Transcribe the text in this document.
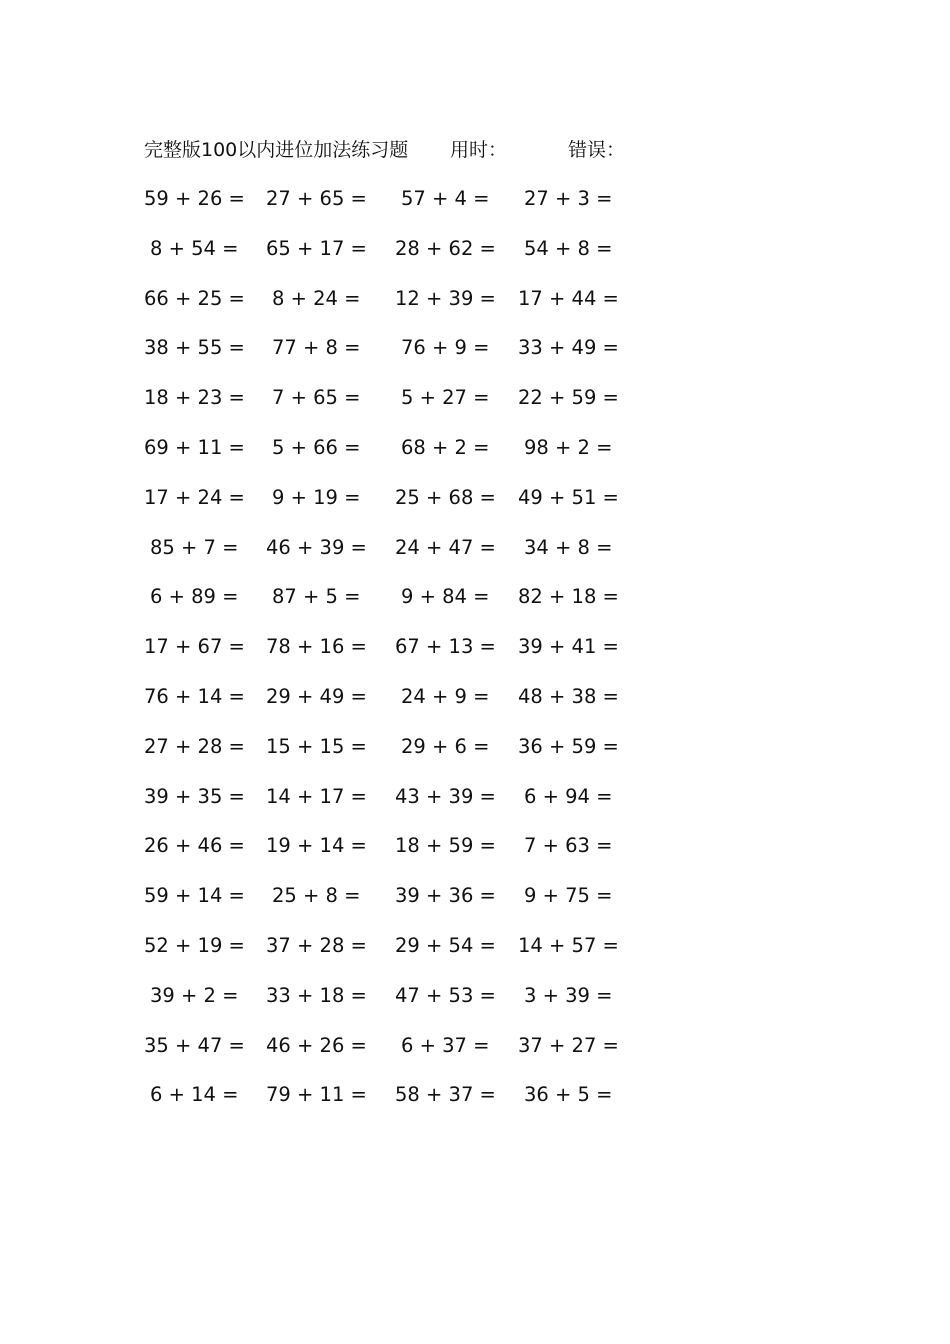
完整版100以内进位加法练习题 用时：	错误：
59 + 26 = 27 + 65 = 57 + 4 = 27 + 3 =
8 + 54 = 65 + 17 = 28 + 62 = 54 + 8 =
66 + 25 = 8 + 24 = 12 + 39 = 17 + 44 =
38 + 55 = 77 + 8 = 76 + 9 = 33 + 49 =
18 + 23 = 7 + 65 = 5 + 27 = 22 + 59 =
69 + 11 = 5 + 66 = 68 + 2 = 98 + 2 =
17 + 24 = 9 + 19 = 25 + 68 = 49 + 51 =
85 + 7 = 46 + 39 = 24 + 47 = 34 + 8 =
6 + 89 = 87 + 5 = 9 + 84 = 82 + 18 =
17 + 67 = 78 + 16 = 67 + 13 = 39 + 41 =
76 + 14 = 29 + 49 = 24 + 9 = 48 + 38 =
27 + 28 = 15 + 15 = 29 + 6 = 36 + 59 =
39 + 35 = 14 + 17 = 43 + 39 = 6 + 94 =
26 + 46 = 19 + 14 = 18 + 59 = 7 + 63 =
59 + 14 = 25 + 8 = 39 + 36 = 9 + 75 =
52 + 19 = 37 + 28 = 29 + 54 = 14 + 57 =
39 + 2 = 33 + 18 = 47 + 53 = 3 + 39 =
35 + 47 = 46 + 26 = 6 + 37 = 37 + 27 =
6 + 14 = 79 + 11 = 58 + 37 = 36 + 5 =
